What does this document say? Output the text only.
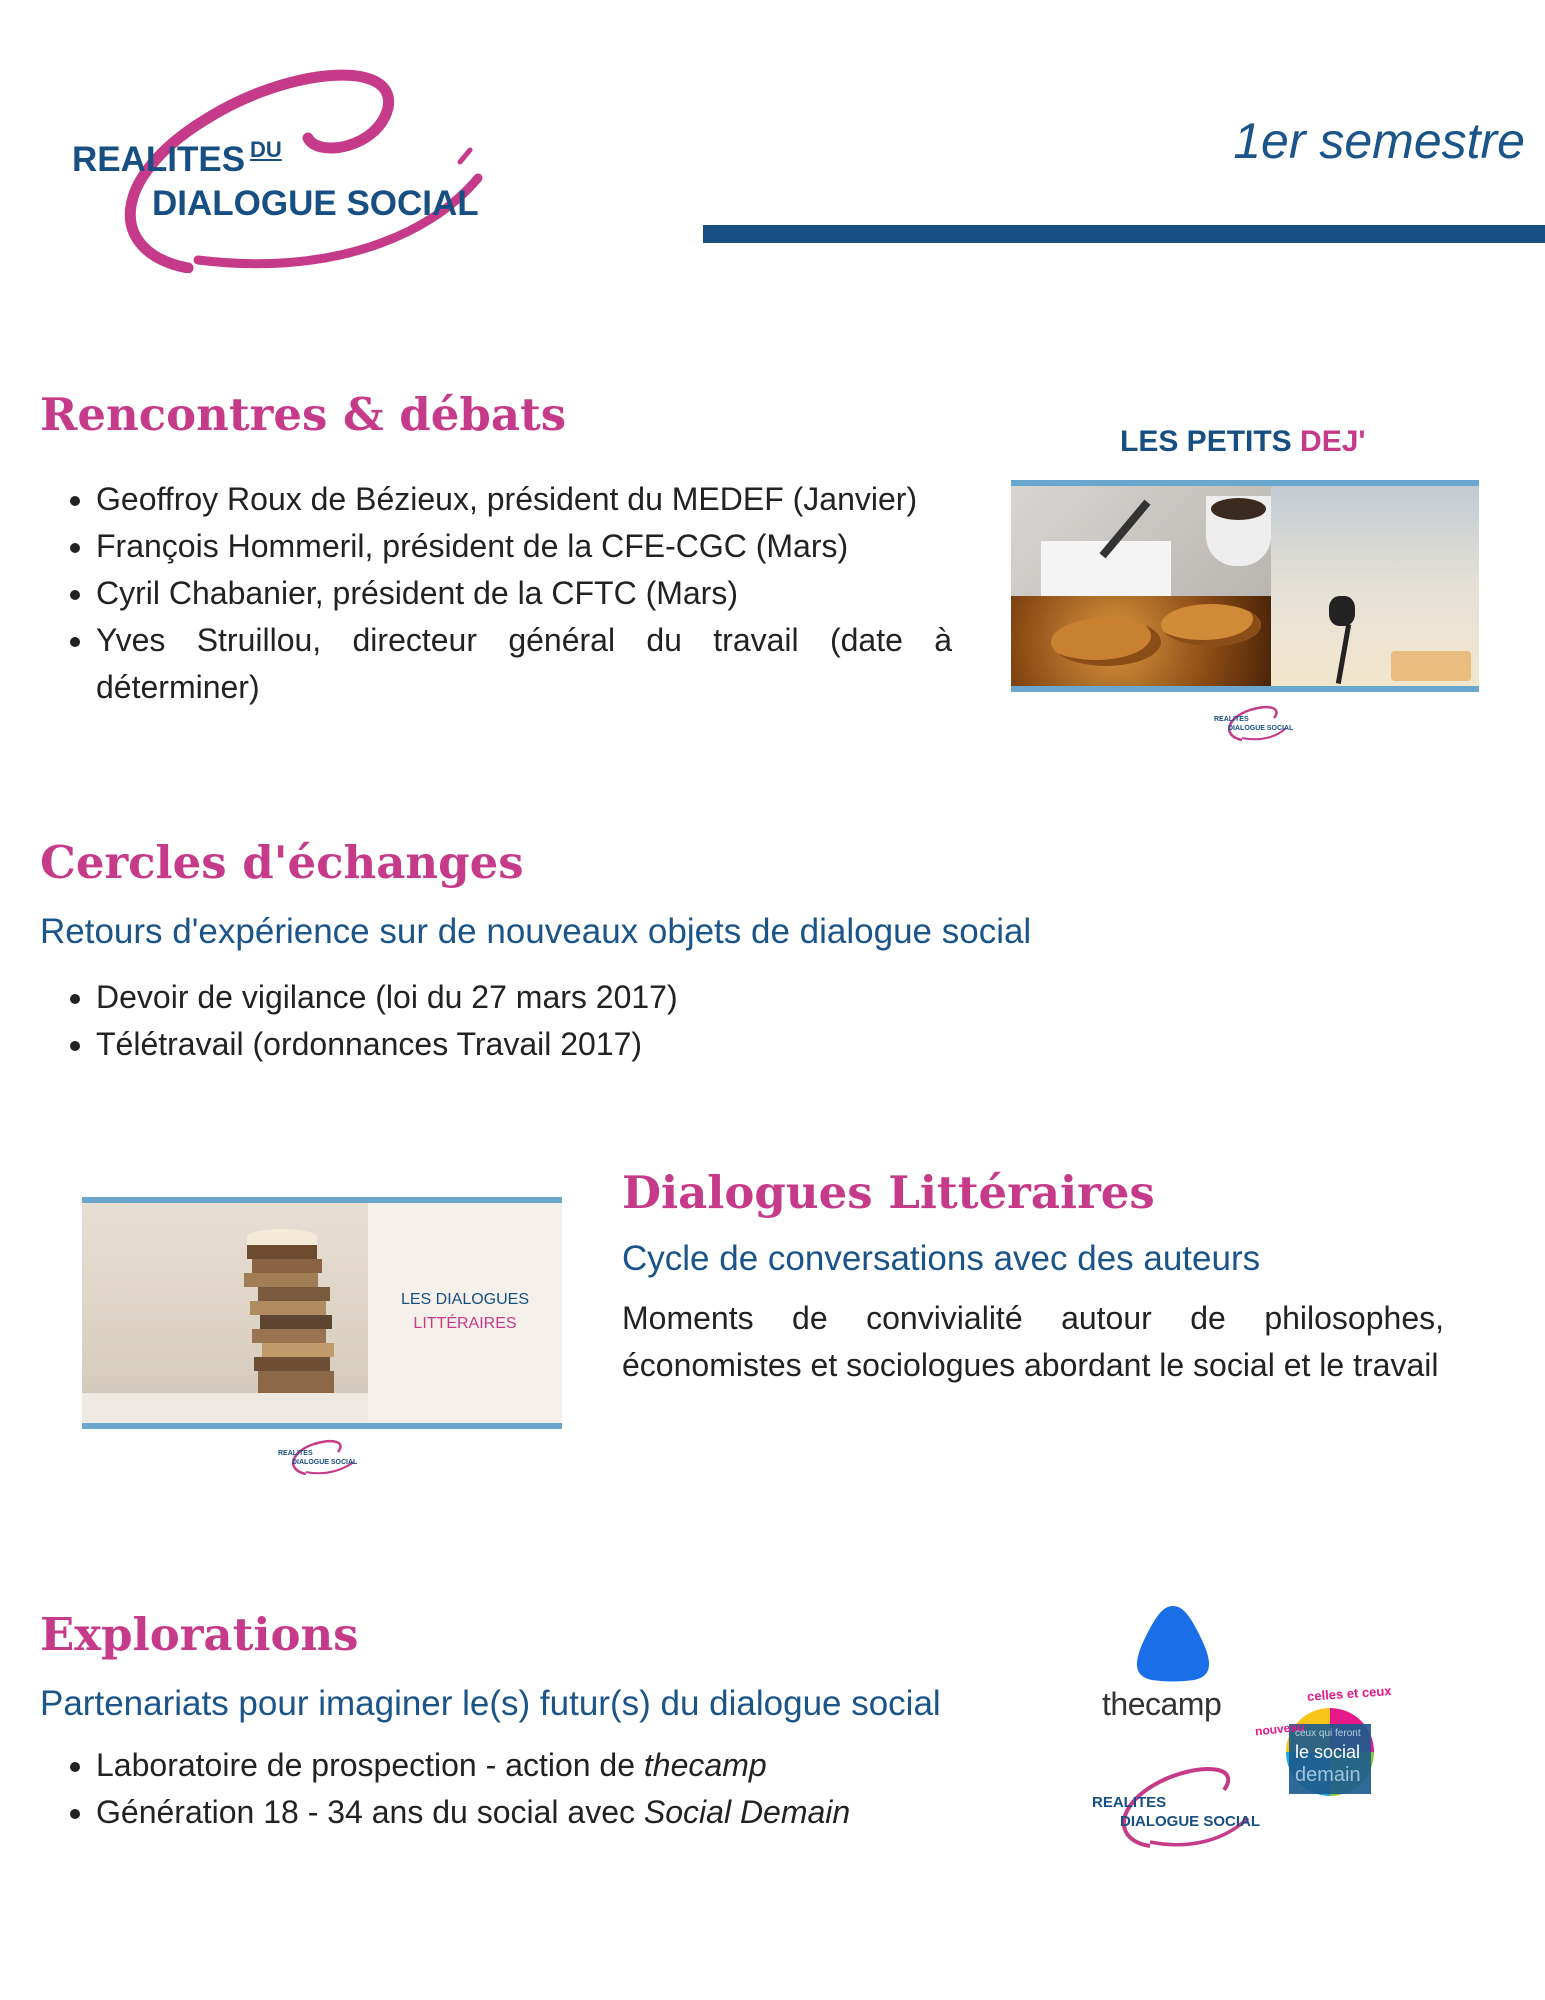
REALITES DU
DIALOGUE SOCIAL
1er semestre
Rencontres & débats
• Geoffroy Roux de Bézieux, président du MEDEF (Janvier)
• François Hommeril, président de la CFE-CGC (Mars)
• Cyril Chabanier, président de la CFTC (Mars)
• Yves Struillou, directeur général du travail (date à déterminer)
LES PETITS DEJ'
REALITES
DIALOGUE SOCIAL
Cercles d'échanges

Retours d'expérience sur de nouveaux objets de dialogue social

• Devoir de vigilance (loi du 27 mars 2017)
• Télétravail (ordonnances Travail 2017)
LES DIALOGUES
LITTÉRAIRES
REALITES
DIALOGUE SOCIAL
Dialogues Littéraires

Cycle de conversations avec des auteurs

Moments de convivialité autour de philosophes, économistes et sociologues abordant le social et le travail

Explorations

Partenariats pour imaginer le(s) futur(s) du dialogue social

• Laboratoire de prospection - action de thecamp
• Génération 18 - 34 ans du social avec Social Demain
thecamp
REALITES
DIALOGUE SOCIAL
celles et ceux
nouveau
ceux qui feront
le social
demain
